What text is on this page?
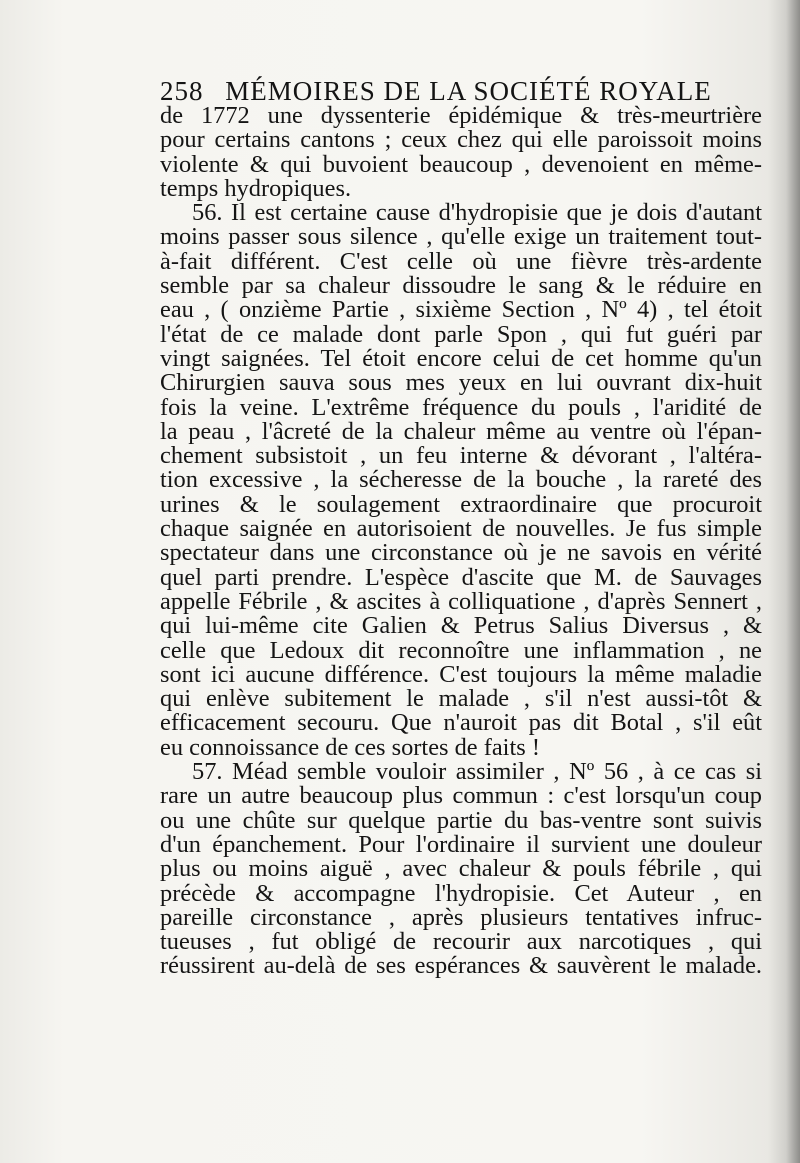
258 MÉMOIRES DE LA SOCIÉTÉ ROYALE
de 1772 une dyssenterie épidémique & très-meurtrière
pour certains cantons ; ceux chez qui elle paroissoit moins
violente & qui buvoient beaucoup , devenoient en même-
temps hydropiques.
56. Il est certaine cause d'hydropisie que je dois d'autant
moins passer sous silence , qu'elle exige un traitement tout-
à-fait différent. C'est celle où une fièvre très-ardente
semble par sa chaleur dissoudre le sang & le réduire en
eau , ( onzième Partie , sixième Section , Nº 4) , tel étoit
l'état de ce malade dont parle Spon , qui fut guéri par
vingt saignées. Tel étoit encore celui de cet homme qu'un
Chirurgien sauva sous mes yeux en lui ouvrant dix-huit
fois la veine. L'extrême fréquence du pouls , l'aridité de
la peau , l'âcreté de la chaleur même au ventre où l'épan-
chement subsistoit , un feu interne & dévorant , l'altéra-
tion excessive , la sécheresse de la bouche , la rareté des
urines & le soulagement extraordinaire que procuroit
chaque saignée en autorisoient de nouvelles. Je fus simple
spectateur dans une circonstance où je ne savois en vérité
quel parti prendre. L'espèce d'ascite que M. de Sauvages
appelle Fébrile , & ascites à colliquatione , d'après Sennert ,
qui lui-même cite Galien & Petrus Salius Diversus , &
celle que Ledoux dit reconnoître une inflammation , ne
sont ici aucune différence. C'est toujours la même maladie
qui enlève subitement le malade , s'il n'est aussi-tôt &
efficacement secouru. Que n'auroit pas dit Botal , s'il eût
eu connoissance de ces sortes de faits !
57. Méad semble vouloir assimiler , Nº 56 , à ce cas si
rare un autre beaucoup plus commun : c'est lorsqu'un coup
ou une chûte sur quelque partie du bas-ventre sont suivis
d'un épanchement. Pour l'ordinaire il survient une douleur
plus ou moins aiguë , avec chaleur & pouls fébrile , qui
précède & accompagne l'hydropisie. Cet Auteur , en
pareille circonstance , après plusieurs tentatives infruc-
tueuses , fut obligé de recourir aux narcotiques , qui
réussirent au-delà de ses espérances & sauvèrent le malade.
